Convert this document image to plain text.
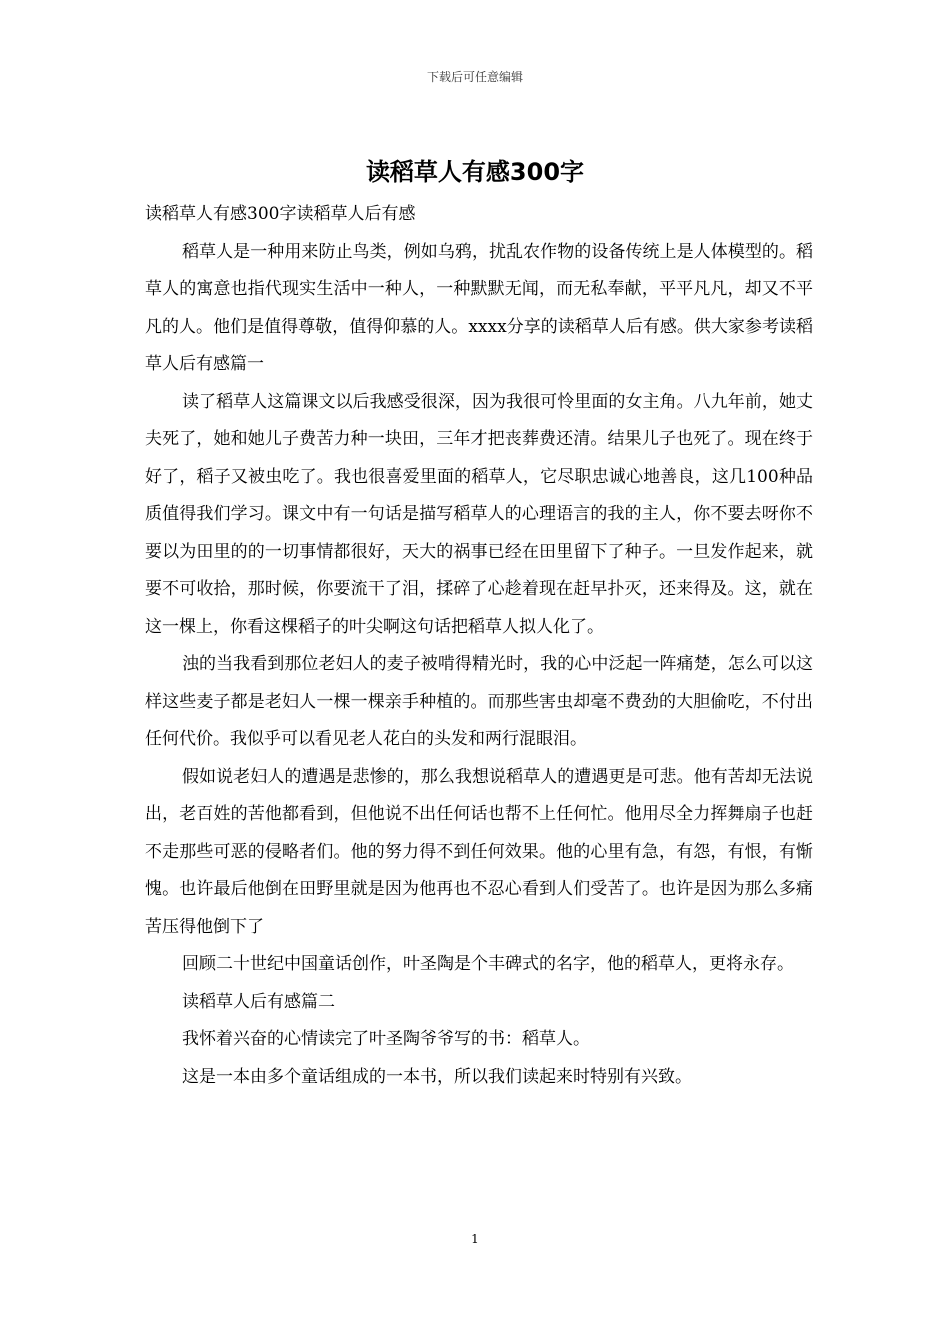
下载后可任意编辑
读稻草人有感300字

读稻草人有感300字读稻草人后有感

稻草人是一种用来防止鸟类，例如乌鸦，扰乱农作物的设备传统上是人体模型的。稻草人的寓意也指代现实生活中一种人，一种默默无闻，而无私奉献，平平凡凡，却又不平凡的人。他们是值得尊敬，值得仰慕的人。xxxx分享的读稻草人后有感。供大家参考读稻草人后有感篇一

读了稻草人这篇课文以后我感受很深，因为我很可怜里面的女主角。八九年前，她丈夫死了，她和她儿子费苦力种一块田，三年才把丧葬费还清。结果儿子也死了。现在终于好了，稻子又被虫吃了。我也很喜爱里面的稻草人，它尽职忠诚心地善良，这几100种品质值得我们学习。课文中有一句话是描写稻草人的心理语言的我的主人，你不要去呀你不要以为田里的的一切事情都很好，天大的祸事已经在田里留下了种子。一旦发作起来，就要不可收拾，那时候，你要流干了泪，揉碎了心趁着现在赶早扑灭，还来得及。这，就在这一棵上，你看这棵稻子的叶尖啊这句话把稻草人拟人化了。

浊的当我看到那位老妇人的麦子被啃得精光时，我的心中泛起一阵痛楚，怎么可以这样这些麦子都是老妇人一棵一棵亲手种植的。而那些害虫却毫不费劲的大胆偷吃，不付出任何代价。我似乎可以看见老人花白的头发和两行混眼泪。

假如说老妇人的遭遇是悲惨的，那么我想说稻草人的遭遇更是可悲。他有苦却无法说出，老百姓的苦他都看到，但他说不出任何话也帮不上任何忙。他用尽全力挥舞扇子也赶不走那些可恶的侵略者们。他的努力得不到任何效果。他的心里有急，有怨，有恨，有惭愧。也许最后他倒在田野里就是因为他再也不忍心看到人们受苦了。也许是因为那么多痛苦压得他倒下了

回顾二十世纪中国童话创作，叶圣陶是个丰碑式的名字，他的稻草人，更将永存。

读稻草人后有感篇二

我怀着兴奋的心情读完了叶圣陶爷爷写的书：稻草人。

这是一本由多个童话组成的一本书，所以我们读起来时特别有兴致。

1
